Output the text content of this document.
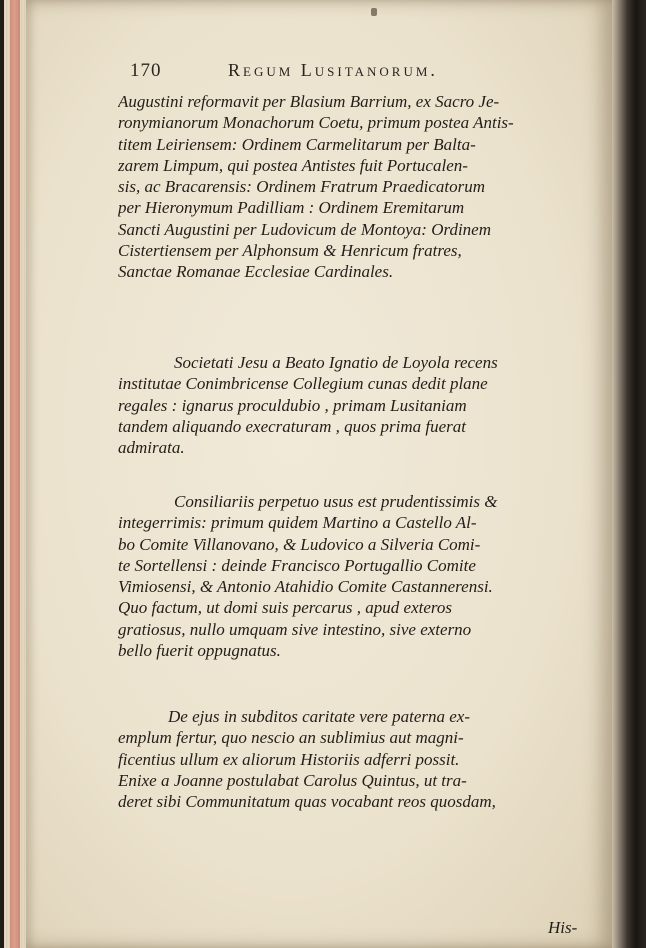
170	Regum Lusitanorum.
Augustini reformavit per Blasium Barrium, ex Sacro Je-
ronymianorum Monachorum Coetu, primum postea Antis-
titem Leiriensem: Ordinem Carmelitarum per Balta-
zarem Limpum, qui postea Antistes fuit Portucalen-
sis, ac Bracarensis: Ordinem Fratrum Praedicatorum
per Hieronymum Padilliam : Ordinem Eremitarum
Sancti Augustini per Ludovicum de Montoya: Ordinem
Cistertiensem per Alphonsum & Henricum fratres,
Sanctae Romanae Ecclesiae Cardinales.
Societati Jesu a Beato Ignatio de Loyola recens
institutae Conimbricense Collegium cunas dedit plane
regales : ignarus proculdubio , primam Lusitaniam
tandem aliquando execraturam , quos prima fuerat
admirata.
Consiliariis perpetuo usus est prudentissimis &
integerrimis: primum quidem Martino a Castello Al-
bo Comite Villanovano, & Ludovico a Silveria Comi-
te Sortellensi : deinde Francisco Portugallio Comite
Vimiosensi, & Antonio Atahidio Comite Castannerensi.
Quo factum, ut domi suis percarus , apud exteros
gratiosus, nullo umquam sive intestino, sive externo
bello fuerit oppugnatus.
De ejus in subditos caritate vere paterna ex-
emplum fertur, quo nescio an sublimius aut magni-
ficentius ullum ex aliorum Historiis adferri possit.
Enixe a Joanne postulabat Carolus Quintus, ut tra-
deret sibi Communitatum quas vocabant reos quosdam,
His-
